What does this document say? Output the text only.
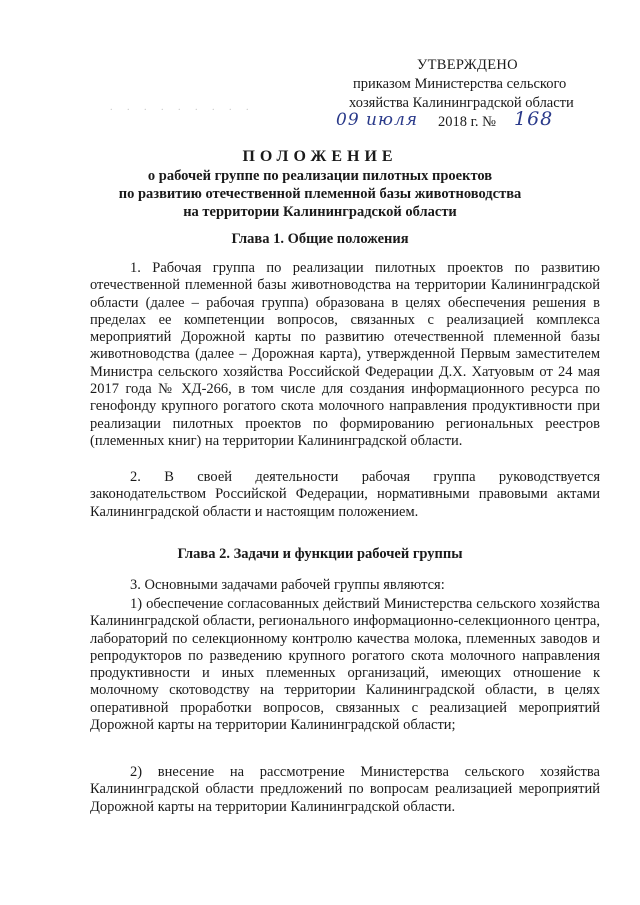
УТВЕРЖДЕНО
приказом Министерства сельского
хозяйства Калининградской области
. . . . . . . . .
09 июля 2018 г. № 168
ПОЛОЖЕНИЕ
о рабочей группе по реализации пилотных проектов
по развитию отечественной племенной базы животноводства
на территории Калининградской области
Глава 1. Общие положения
1. Рабочая группа по реализации пилотных проектов по развитию отечественной племенной базы животноводства на территории Калининградской области (далее – рабочая группа) образована в целях обеспечения решения в пределах ее компетенции вопросов, связанных с реализацией комплекса мероприятий Дорожной карты по развитию отечественной племенной базы животноводства (далее – Дорожная карта), утвержденной Первым заместителем Министра сельского хозяйства Российской Федерации Д.Х. Хатуовым от 24 мая 2017 года № ХД-266, в том числе для создания информационного ресурса по генофонду крупного рогатого скота молочного направления продуктивности при реализации пилотных проектов по формированию региональных реестров (племенных книг) на территории Калининградской области.
2. В своей деятельности рабочая группа руководствуется законодательством Российской Федерации, нормативными правовыми актами Калининградской области и настоящим положением.
Глава 2. Задачи и функции рабочей группы
3. Основными задачами рабочей группы являются:
1) обеспечение согласованных действий Министерства сельского хозяйства Калининградской области, регионального информационно-селекционного центра, лабораторий по селекционному контролю качества молока, племенных заводов и репродукторов по разведению крупного рогатого скота молочного направления продуктивности и иных племенных организаций, имеющих отношение к молочному скотоводству на территории Калининградской области, в целях оперативной проработки вопросов, связанных с реализацией мероприятий Дорожной карты на территории Калининградской области;
2) внесение на рассмотрение Министерства сельского хозяйства Калининградской области предложений по вопросам реализацией мероприятий Дорожной карты на территории Калининградской области.
